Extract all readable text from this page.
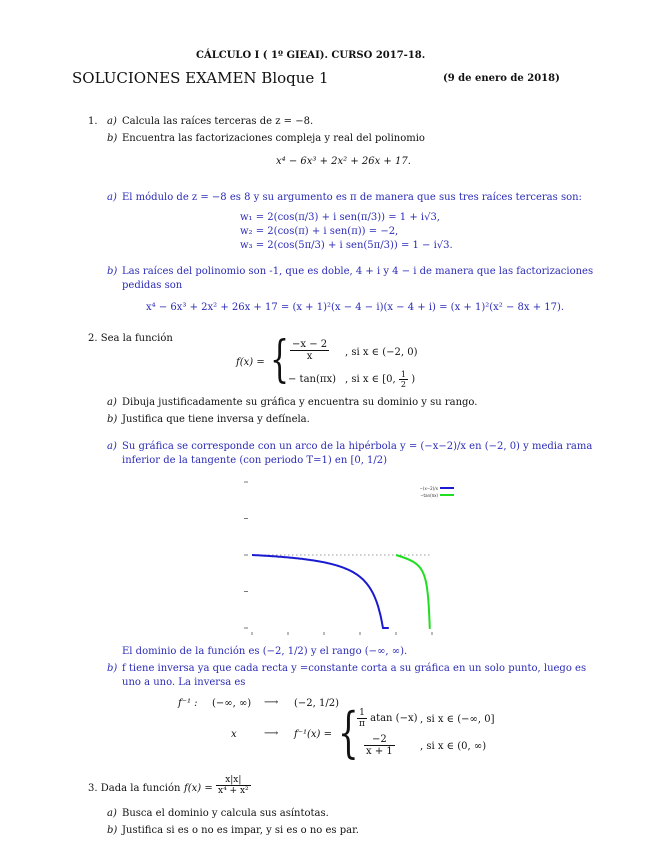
CÁLCULO I ( 1º GIEAI). CURSO 2017-18.
SOLUCIONES EXAMEN Bloque 1	(9 de enero de 2018)
1. a) Calcula las raíces terceras de z = −8.
b) Encuentra las factorizaciones compleja y real del polinomio
x⁴ − 6x³ + 2x² + 26x + 17.
a) El módulo de z = −8 es 8 y su argumento es π de manera que sus tres raíces terceras son:
w₁ = 2(cos(π/3) + i sen(π/3)) = 1 + i√3,
w₂ = 2(cos(π) + i sen(π)) = −2,
w₃ = 2(cos(5π/3) + i sen(5π/3)) = 1 − i√3.
b) Las raíces del polinomio son -1, que es doble, 4 + i y 4 − i de manera que las factorizaciones
pedidas son
x⁴ − 6x³ + 2x² + 26x + 17 = (x + 1)²(x − 4 − i)(x − 4 + i) = (x + 1)²(x² − 8x + 17).
2. Sea la función
f(x) = { $\frac{-x - 2}{x}$ , si x ∈ (−2, 0)
− tan(πx) , si x ∈ [0, $\frac{1}{2}$ )
a) Dibuja justificadamente su gráfica y encuentra su dominio y su rango.
b) Justifica que tiene inversa y defínela.
a) Su gráfica se corresponde con un arco de la hipérbola y = (−x−2)/x en (−2, 0) y media rama
inferior de la tangente (con periodo T=1) en [0, 1/2)
−(x−2)/x
−tan(πx)
El dominio de la función es (−2, 1/2) y el rango (−∞, ∞).
b) f tiene inversa ya que cada recta y =constante corta a su gráfica en un solo punto, luego es
uno a uno. La inversa es
f⁻¹ : (−∞, ∞) ⟶ (−2, 1/2)
x	⟶ f⁻¹(x) = {
$\frac{1}{\pi}$ atan (−x) , si x ∈ (−∞, 0]
$\frac{-2}{x + 1}$	, si x ∈ (0, ∞)
3. Dada la función $f(x) = \frac{x|x|}{\text{x⁴ + x²}}$
a) Busca el dominio y calcula sus asíntotas.
b) Justifica si es o no es impar, y si es o no es par.
